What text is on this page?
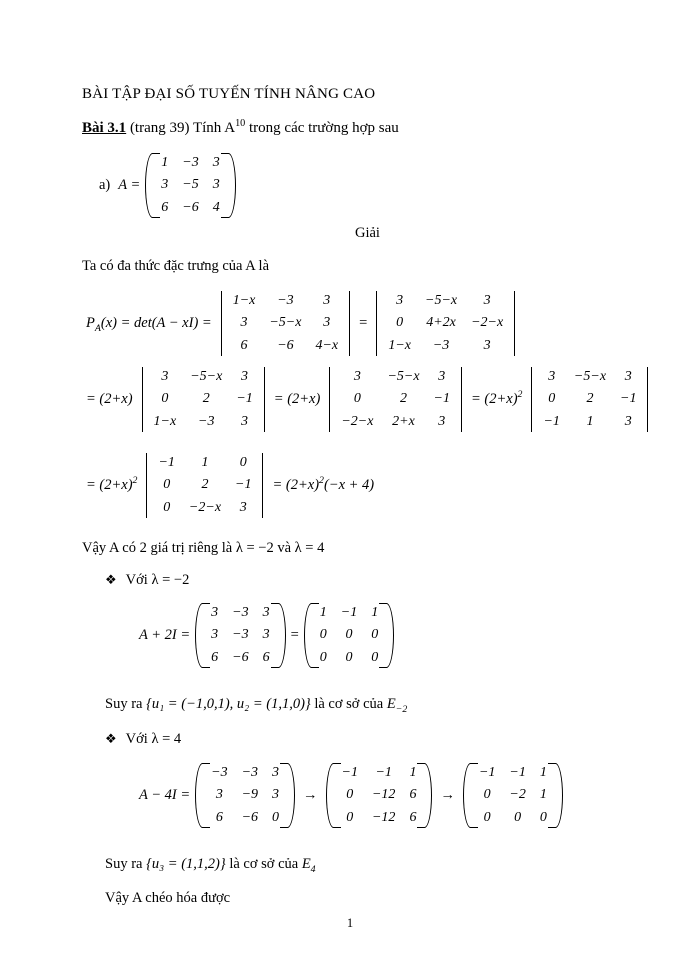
BÀI TẬP ĐẠI SỐ TUYẾN TÍNH NÂNG CAO
Bài 3.1 (trang 39) Tính $A^{10}$ trong các trường hợp sau
a) A =
1	−3	3
3	−5	3
6	−6	4
Giải
Ta có đa thức đặc trưng của A là
$P_A(x) = \det(A - xI)$ =
1−x	−3	3
3	−5−x	3
6	−6	4−x
=
3	−5−x	3
0	4+2x	−2−x
1−x	−3	3
= (2+x)
3	−5−x	3
0	2	−1
1−x	−3	3
= (2+x)
3	−5−x	3
0	2	−1
−2−x	2+x	3
= $(2+x)^2$
3	−5−x	3
0	2	−1
−1	1	3
= $(2+x)^2$
−1	1	0
0	2	−1
0	−2−x	3
= $(2+x)^2(-x + 4)$
Vậy A có 2 giá trị riêng là λ = −2 và λ = 4
❖ Với λ = −2
A + 2I =
3	−3	3
3	−3	3
6	−6	6
=
1	−1	1
0	0	0
0	0	0
Suy ra {u₁ = (−1,0,1), u₂ = (1,1,0)} là cơ sở của $E_{-2}$
❖ Với λ = 4
A − 4I =
−3	−3	3
3	−9	3
6	−6	0
→
−1	−1	1
0	−12	6
0	−12	6
→
−1	−1	1
0	−2	1
0	0	0
Suy ra {u₃ = (1,1,2)} là cơ sở của $E_4$
Vậy A chéo hóa được
1
